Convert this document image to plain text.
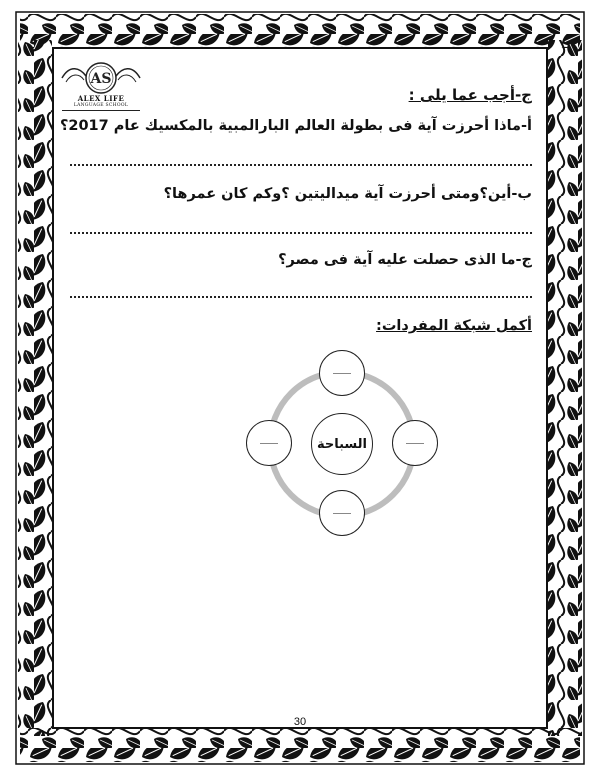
AS
ALEX LIFE
LANGUAGE SCHOOL
ج-أجب عما يلى :
أ-ماذا أحرزت آية فى بطولة العالم البارالمبية بالمكسيك عام 2017؟
ب-أين؟ومتى أحرزت آية ميداليتين ؟وكم كان عمرها؟
ج-ما الذى حصلت عليه آية فى مصر؟
أكمل شبكة المفردات:
السباحة
30
